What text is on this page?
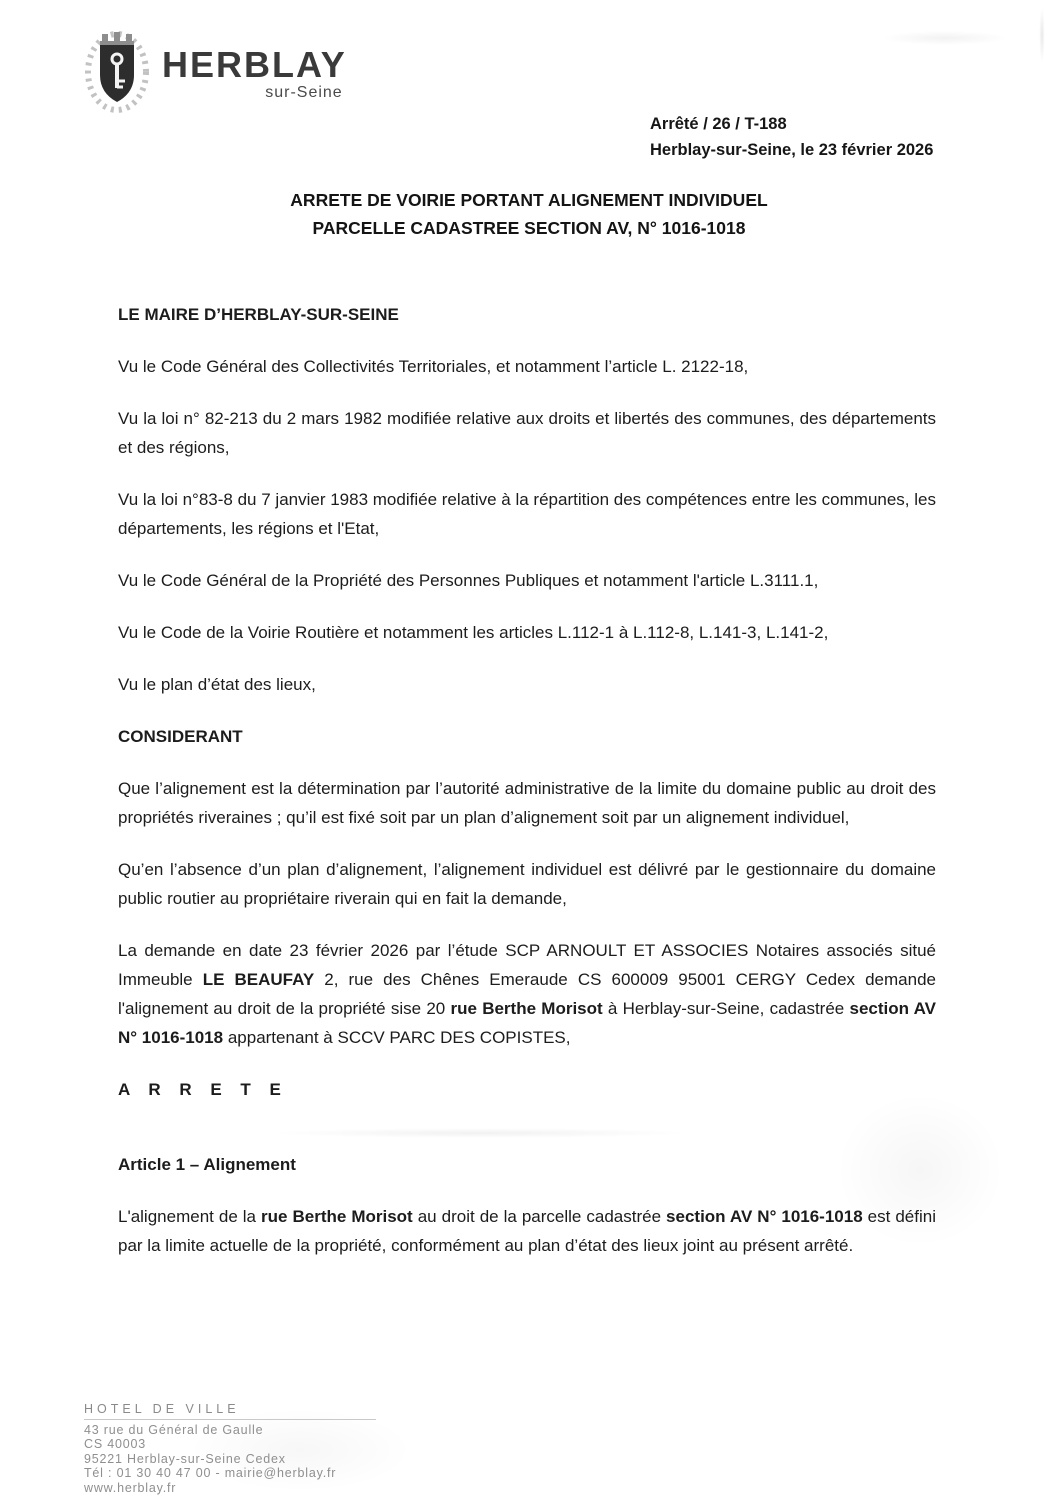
HERBLAY
sur-Seine
Arrêté / 26 / T-188
Herblay-sur-Seine, le 23 février 2026
ARRETE DE VOIRIE PORTANT ALIGNEMENT INDIVIDUEL
PARCELLE CADASTREE SECTION AV, N° 1016-1018

LE MAIRE D’HERBLAY-SUR-SEINE

Vu le Code Général des Collectivités Territoriales, et notamment l’article L. 2122-18,

Vu la loi n° 82-213 du 2 mars 1982 modifiée relative aux droits et libertés des communes, des départements et des régions,

Vu la loi n°83-8 du 7 janvier 1983 modifiée relative à la répartition des compétences entre les communes, les départements, les régions et l'Etat,

Vu le Code Général de la Propriété des Personnes Publiques et notamment l'article L.3111.1,

Vu le Code de la Voirie Routière et notamment les articles L.112-1 à L.112-8, L.141-3, L.141-2,

Vu le plan d’état des lieux,

CONSIDERANT

Que l’alignement est la détermination par l’autorité administrative de la limite du domaine public au droit des propriétés riveraines ; qu’il est fixé soit par un plan d’alignement soit par un alignement individuel,

Qu’en l’absence d’un plan d’alignement, l’alignement individuel est délivré par le gestionnaire du domaine public routier au propriétaire riverain qui en fait la demande,

La demande en date 23 février 2026 par l’étude SCP ARNOULT ET ASSOCIES Notaires associés situé Immeuble LE BEAUFAY 2, rue des Chênes Emeraude CS 600009 95001 CERGY Cedex demande l'alignement au droit de la propriété sise 20 rue Berthe Morisot à Herblay-sur-Seine, cadastrée section AV N° 1016-1018 appartenant à SCCV PARC DES COPISTES,

A R R E T E

Article 1 – Alignement

L'alignement de la rue Berthe Morisot au droit de la parcelle cadastrée section AV N° 1016-1018 est défini par la limite actuelle de la propriété, conformément au plan d’état des lieux joint au présent arrêté.

HOTEL DE VILLE
43 rue du Général de Gaulle
CS 40003
95221 Herblay-sur-Seine Cedex
Tél : 01 30 40 47 00 - mairie@herblay.fr
www.herblay.fr
